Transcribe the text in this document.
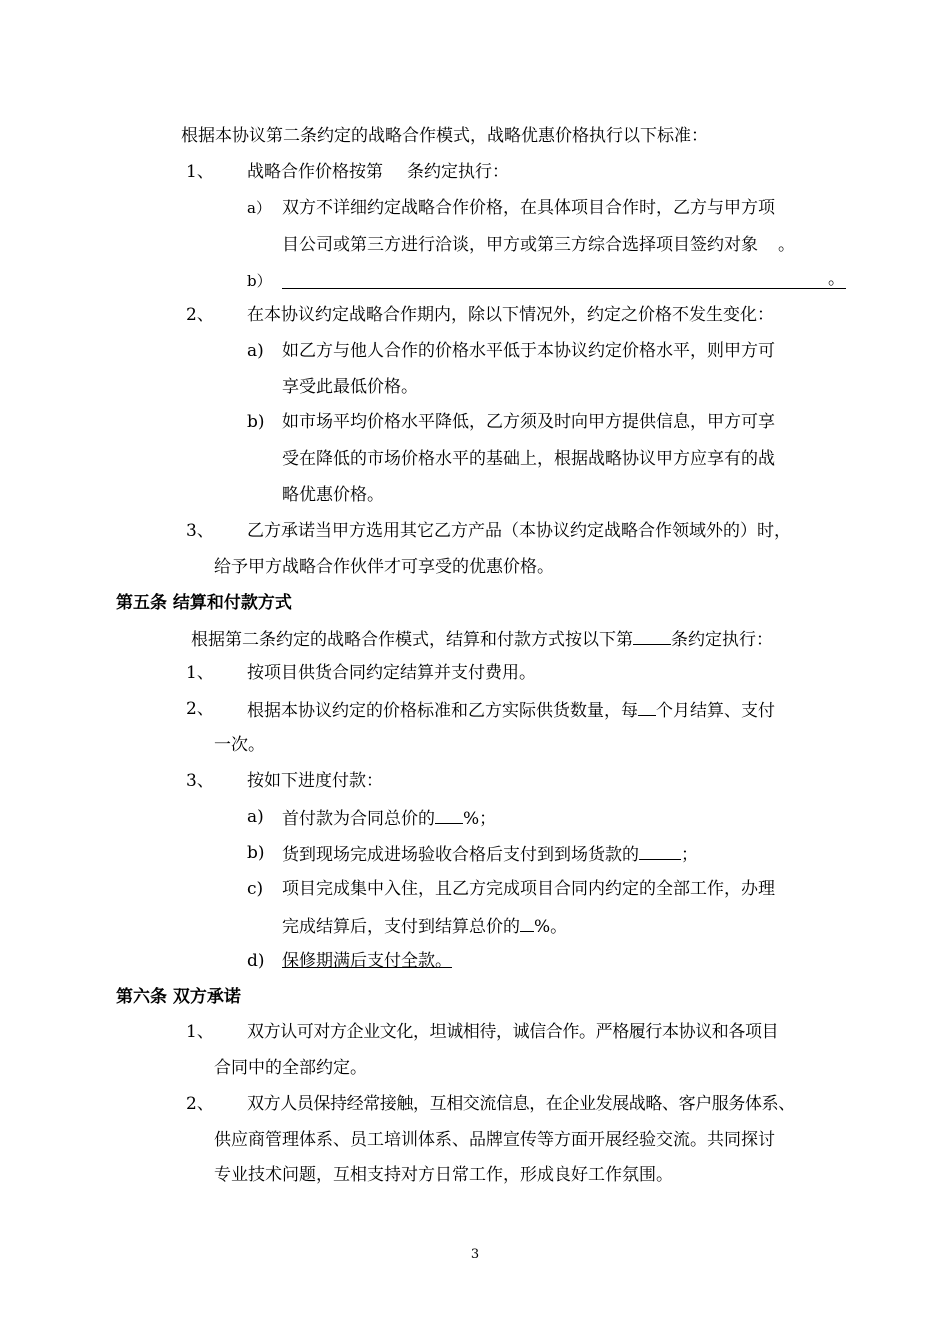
根据本协议第二条约定的战略合作模式，战略优惠价格执行以下标准：
1、 战略合作价格按第 条约定执行：
a） 双方不详细约定战略合作价格，在具体项目合作时，乙方与甲方项
目公司或第三方进行洽谈，甲方或第三方综合选择项目签约对象 。
b）	。
2、 在本协议约定战略合作期内，除以下情况外，约定之价格不发生变化：
a) 如乙方与他人合作的价格水平低于本协议约定价格水平，则甲方可
享受此最低价格。
b) 如市场平均价格水平降低，乙方须及时向甲方提供信息，甲方可享
受在降低的市场价格水平的基础上，根据战略协议甲方应享有的战
略优惠价格。
3、 乙方承诺当甲方选用其它乙方产品（本协议约定战略合作领域外的）时，
给予甲方战略合作伙伴才可享受的优惠价格。
第五条 结算和付款方式
根据第二条约定的战略合作模式，结算和付款方式按以下第 条约定执行：
1、 按项目供货合同约定结算并支付费用。
2、 根据本协议约定的价格标准和乙方实际供货数量，每 个月结算、支付
一次。
3、 按如下进度付款：
a) 首付款为合同总价的 %；
b) 货到现场完成进场验收合格后支付到到场货款的 ；
c) 项目完成集中入住，且乙方完成项目合同内约定的全部工作，办理
完成结算后，支付到结算总价的 %。
d) 保修期满后支付全款。
第六条 双方承诺
1、 双方认可对方企业文化，坦诚相待，诚信合作。严格履行本协议和各项目
合同中的全部约定。
2、 双方人员保持经常接触，互相交流信息，在企业发展战略、客户服务体系、
供应商管理体系、员工培训体系、品牌宣传等方面开展经验交流。共同探讨
专业技术问题，互相支持对方日常工作，形成良好工作氛围。
3
